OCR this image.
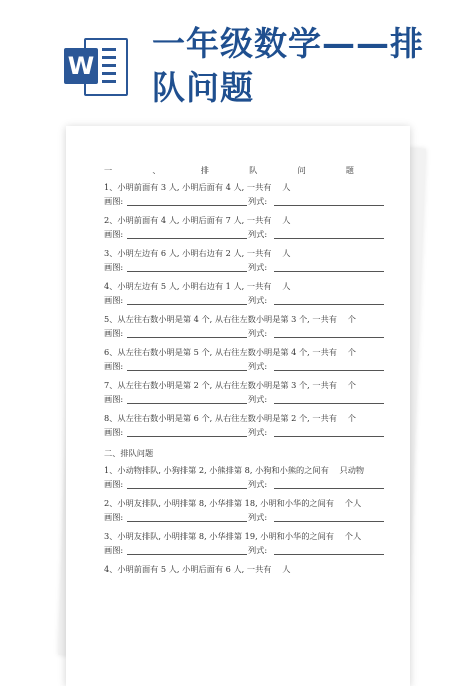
W
一年级数学——排队问题
一	、	排	队	问	题
1、小明前面有 3 人, 小明后面有 4 人, 一共有　 人
画图:	列式:
2、小明前面有 4 人, 小明后面有 7 人, 一共有　 人
画图:	列式:
3、小明左边有 6 人, 小明右边有 2 人, 一共有　 人
画图:	列式:
4、小明左边有 5 人, 小明右边有 1 人, 一共有　 人
画图:	列式:
5、从左往右数小明是第 4 个, 从右往左数小明是第 3 个, 一共有　 个
画图:	列式:
6、从左往右数小明是第 5 个, 从右往左数小明是第 4 个, 一共有　 个
画图:	列式:
7、从左往右数小明是第 2 个, 从右往左数小明是第 3 个, 一共有　 个
画图:	列式:
8、从左往右数小明是第 6 个, 从右往左数小明是第 2 个, 一共有　 个
画图:	列式:
二、排队问题
1、小动物排队, 小狗排第 2, 小熊排第 8, 小狗和小熊的之间有　 只动物
画图:	列式:
2、小明友排队, 小明排第 8, 小华排第 18, 小明和小华的之间有　 个人
画图:	列式:
3、小明友排队, 小明排第 8, 小华排第 19, 小明和小华的之间有　 个人
画图:	列式:
4、小明前面有 5 人, 小明后面有 6 人, 一共有　 人
